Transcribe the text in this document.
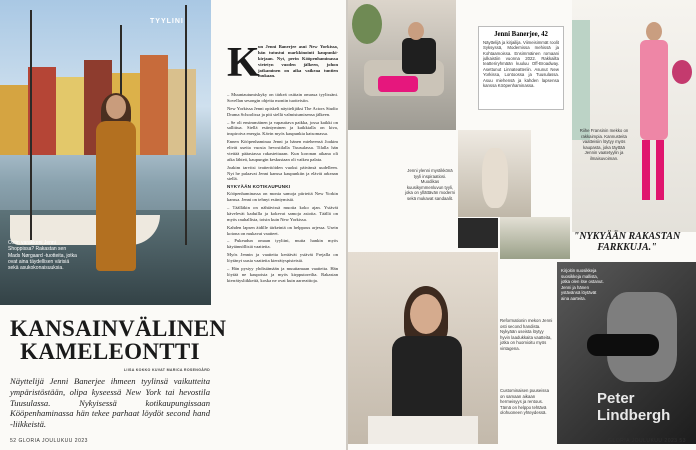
TYYLINI
Ostin varakkoni Jenni Shoppissa? Rakastan sen Mads Nørgaard -tuotteita, jotka ovat aina täydellisen värisiä sekä asukokonaisuuksia.
K

un Jenni Banerjee asui New Yorkissa, hän tutustui markkinointi kaupunki-kirjaan. Nyt, perin Kööpenhaminassa vietetyn vuoden jälkeen, johon jatkaminen on aika vaikeaa tuntien mukaan.

– Muuntautumiskyky on tärkeä osittain omassa tyylissäni. Sovellan sesongin ohjeita moniin tuotteisiin.

New Yorkissa Jenni opiskeli näyttelijäksi The Actors Studio Drama Schoolissa ja piti siellä valmistumisensa jälkeen.

– Se oli ensimmäinen ja vapauttava paikka, jossa kaikki on sallittua. Siellä esiintyminen ja kaikkialla on kiva, inspiroiva energia. Kävin myös kaupunkia katsomassa.

Ennen Kööpenhaminaa Jenni ja hänen mieheensä Joakim elivät useita vuosia hevostilalla Tuusulassa. Tilalla hän viettää pääasiassa rakastettuaan. Kun koronan aikana oli aika lähteä, kaupungin keskustaan oli vaikea palata.

Joakim tarvitsi teatteritöiden vuoksi päivänsä uudelleen. Nyt he palaavat Jenni kanssa kaupunkiin ja elävät arkeaan siellä.

NYKYÄÄN KOTIKAUPUNKI

Kööpenhaminassa on monia samoja piirteitä New Yorkin kanssa. Jenni on tehnyt esiintymisiä.

– Täälläkin on nähtävissä muotia koko ajan. Ystävät kävelevät kaduilla ja kokevat samoja asioita. Täällä on myös rauhallista, toisin kuin New Yorkissa.

Kahden lapsen äidille tärkeintä on helppous arjessa. Usein kotona on mukavat vaatteet.

– Pukeudun omaan tyyliini, mutta hankin myös käytännöllisiä vaatteita.

Myös Jennin ja vaatteita keräävät ystävät Frejalla on löytänyt uusia vaatteita kierrätyspisteistä.

– Hän pystyy yhdistämään ja muuttamaan vaatteita. Hän löytää ne kaupoista ja myös kirpputoreilta. Rakastan kierrätysliikkeitä, koska ne ovat kuin aarreaittoja.

KANSAINVÄLINEN KAMELEONTTI
LIISA KOKKO KUVAT MARICA ROSENGÅRD
Näyttelijä Jenni Banerjee ihmeen tyylinsä vaikutteita ympäristöstään, olipa kyseessä New York tai hevostila Tuusulassa. Nykyisessä kotikaupungissaan Kööpenhaminassa hän tekee parhaat löydöt second hand -liikkeistä.
52 GLORIA JOULUKUU 2023
Jenni Banerjee, 42
Näyttelijä ja kirjailija. Viimeisimmät roolit Syksyssä, Modernissa mehissä ja Kohtaamoissa. Ensimmäinen romaani julkaistiin vuonna 2022. Rakkailta teatteriryhmään kuuluu Off-Broadway. Asettunut Linnateatteriin. Asunut New Yorkissa, Lontoossa ja Tuusulassa. Asuu miehensä ja kahden lapsensa kanssa Kööpenhaminassa.
Riihe Fransinin mekko on rakkaimpia. Kannusteita vaatteisiin löytyy myös kaupasta, joka täyttää Jennin vaatetyylin ja ilmaisuvoiman.
Jenni ylenni mystikkönä tyyli inspiraatiosi. Muodikas kuusikymmenluvun tyyli, joka on yllättävän moderni sekä mukavat sandaalit.
"NYKYÄÄN RAKASTAN FARKKUJA."
Reformationin mekon Jenni osti second handista. Nykyään useista löytyy hyvin laadukkaita vaatteita, jotka on huomioitu myös vintagena.
Custominaisen puuseissa on samaan aikaan hermeisyys ja rentous. Tämä on helppo tehtävä olohuoneen yhteydessä.
Peter Lindbergh
Kirjoitin suosikkeja suosikkeja mallista, jotka olen itse ostanut. Jenni ja hänen ystävänsä löytävät aina aarteita.
GLORIA JOULUKUU 2023 53
